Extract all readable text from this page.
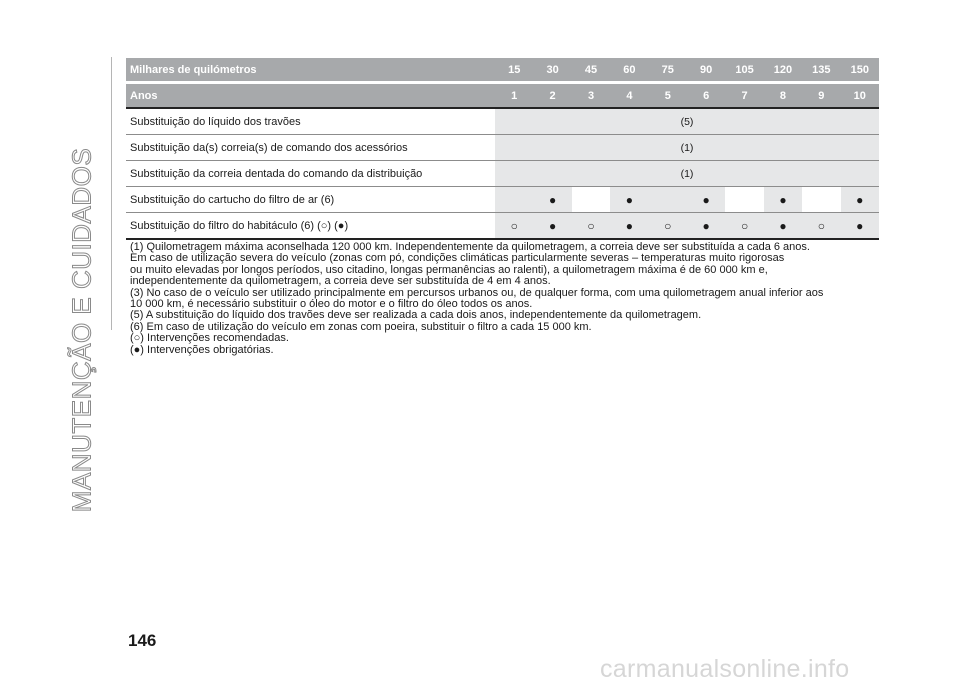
MANUTENÇÃO E CUIDADOS
Milhares de quilómetros	15	30	45	60	75	90	105	120	135	150
Anos	1	2	3	4	5	6	7	8	9	10
Substituição do líquido dos travões	(5)									
Substituição da(s) correia(s) de comando dos acessórios	(1)									
Substituição da correia dentada do comando da distribuição	(1)									
Substituição do cartucho do filtro de ar (6)		●		●		●		●		●
Substituição do filtro do habitáculo (6) (○) (●)	○	●	○	●	○	●	○	●	○	●

(1) Quilometragem máxima aconselhada 120 000 km. Independentemente da quilometragem, a correia deve ser substituída a cada 6 anos.

Em caso de utilização severa do veículo (zonas com pó, condições climáticas particularmente severas – temperaturas muito rigorosas

ou muito elevadas por longos períodos, uso citadino, longas permanências ao ralenti), a quilometragem máxima é de 60 000 km e,

independentemente da quilometragem, a correia deve ser substituída de 4 em 4 anos.

(3) No caso de o veículo ser utilizado principalmente em percursos urbanos ou, de qualquer forma, com uma quilometragem anual inferior aos

10 000 km, é necessário substituir o óleo do motor e o filtro do óleo todos os anos.

(5) A substituição do líquido dos travões deve ser realizada a cada dois anos, independentemente da quilometragem.

(6) Em caso de utilização do veículo em zonas com poeira, substituir o filtro a cada 15 000 km.

(○) Intervenções recomendadas.

(●) Intervenções obrigatórias.

146
carmanualsonline.info
